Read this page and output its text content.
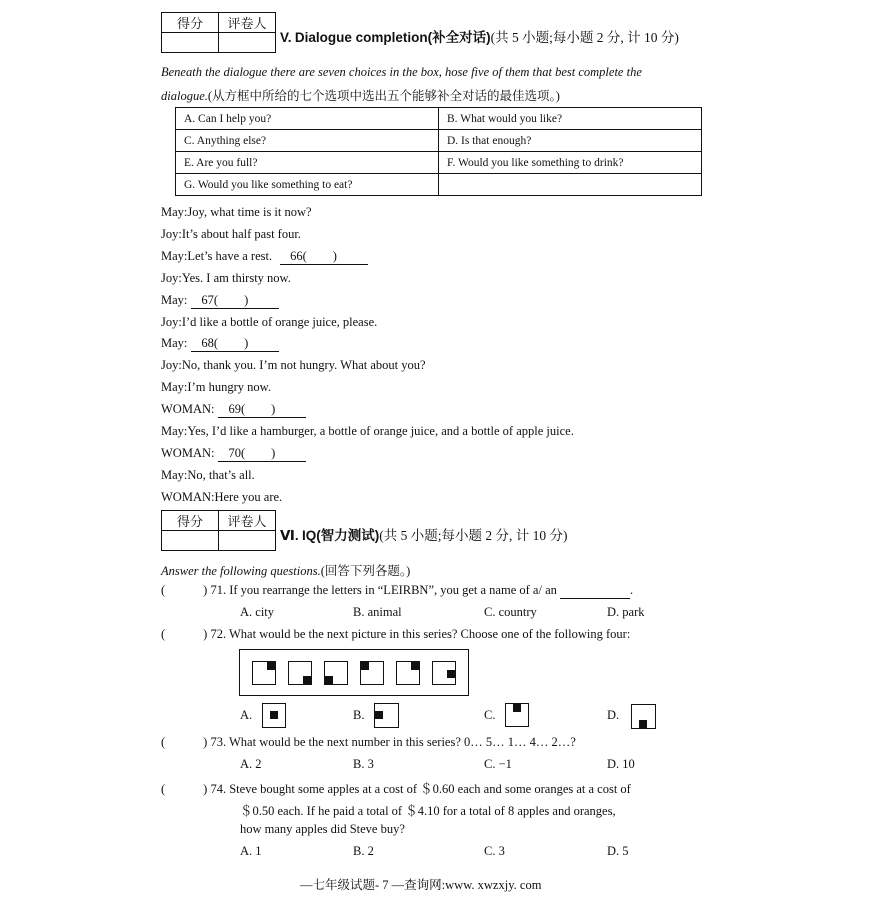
得分	评卷人

V. Dialogue completion(补全对话)(共 5 小题;每小题 2 分, 计 10 分)
Beneath the dialogue there are seven choices in the box, hose five of them that best complete the
dialogue.(从方框中所给的七个选项中选出五个能够补全对话的最佳选项。)
A. Can I help you?	B. What would you like?
C. Anything else?	D. Is that enough?
E. Are you full?	F. Would you like something to drink?
G. Would you like something to eat?	
May:Joy, what time is it now?
Joy:It’s about half past four.
May:Let’s have a rest. 66( )
Joy:Yes. I am thirsty now.
May: 67( )
Joy:I’d like a bottle of orange juice, please.
May: 68( )
Joy:No, thank you. I’m not hungry. What about you?
May:I’m hungry now.
WOMAN: 69( )
May:Yes, I’d like a hamburger, a bottle of orange juice, and a bottle of apple juice.
WOMAN: 70( )
May:No, that’s all.
WOMAN:Here you are.
得分	评卷人

Ⅵ. IQ(智力测试)(共 5 小题;每小题 2 分, 计 10 分)
Answer the following questions.(回答下列各题。)
(	) 71. If you rearrange the letters in “LEIRBN”, you get a name of a/ an	.
A. city	B. animal	C. country	D. park
(	) 72. What would be the next picture in this series? Choose one of the following four:
A.	B.	C.	D.
(	) 73. What would be the next number in this series? 0… 5… 1… 4… 2…?
A. 2	B. 3	C. −1	D. 10
(	) 74. Steve bought some apples at a cost of ＄0.60 each and some oranges at a cost of
＄0.50 each. If he paid a total of ＄4.10 for a total of 8 apples and oranges,
how many apples did Steve buy?
A. 1	B. 2	C. 3	D. 5
—七年级试题- 7 —查询网:www. xwzxjy. com
